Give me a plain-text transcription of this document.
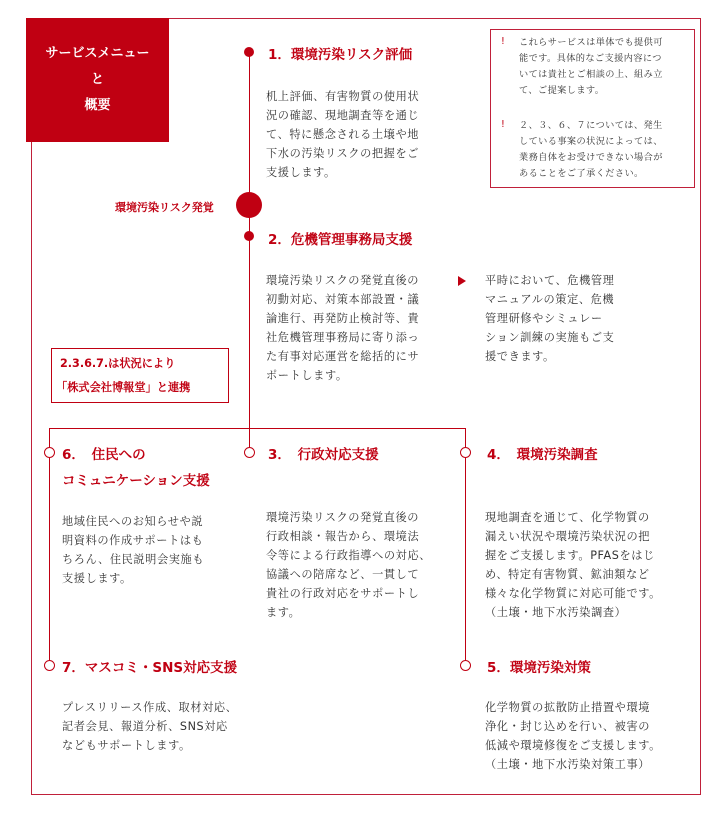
サービスメニュー
と
概要
! これらサービスは単体でも提供可
能です。具体的なご支援内容につ
いては貴社とご相談の上、組み立
て、ご提案します。
! ２、３、６、７については、発生
している事案の状況によっては、
業務自体をお受けできない場合が
あることをご了承ください。
環境汚染リスク発覚
2.3.6.7.は状況により
「株式会社博報堂」と連携
1．環境汚染リスク評価
机上評価、有害物質の使用状
況の確認、現地調査等を通じ
て、特に懸念される土壌や地
下水の汚染リスクの把握をご
支援します。
2．危機管理事務局支援
環境汚染リスクの発覚直後の
初動対応、対策本部設置・議
論進行、再発防止検討等、貴
社危機管理事務局に寄り添っ
た有事対応運営を総括的にサ
ポートします。
平時において、危機管理
マニュアルの策定、危機
管理研修やシミュレー
ション訓練の実施もご支
援できます。
3．　行政対応支援
環境汚染リスクの発覚直後の
行政相談・報告から、環境法
令等による行政指導への対応、
協議への陪席など、一貫して
貴社の行政対応をサポートし
ます。
4．　環境汚染調査
現地調査を通じて、化学物質の
漏えい状況や環境汚染状況の把
握をご支援します。PFASをはじ
め、特定有害物質、鉱油類など
様々な化学物質に対応可能です。
（土壌・地下水汚染調査）
6．　住民への
コミュニケーション支援
地域住民へのお知らせや説
明資料の作成サポートはも
ちろん、住民説明会実施も
支援します。
7．マスコミ・SNS対応支援
プレスリリース作成、取材対応、
記者会見、報道分析、SNS対応
などもサポートします。
5．環境汚染対策
化学物質の拡散防止措置や環境
浄化・封じ込めを行い、被害の
低減や環境修復をご支援します。
（土壌・地下水汚染対策工事）
